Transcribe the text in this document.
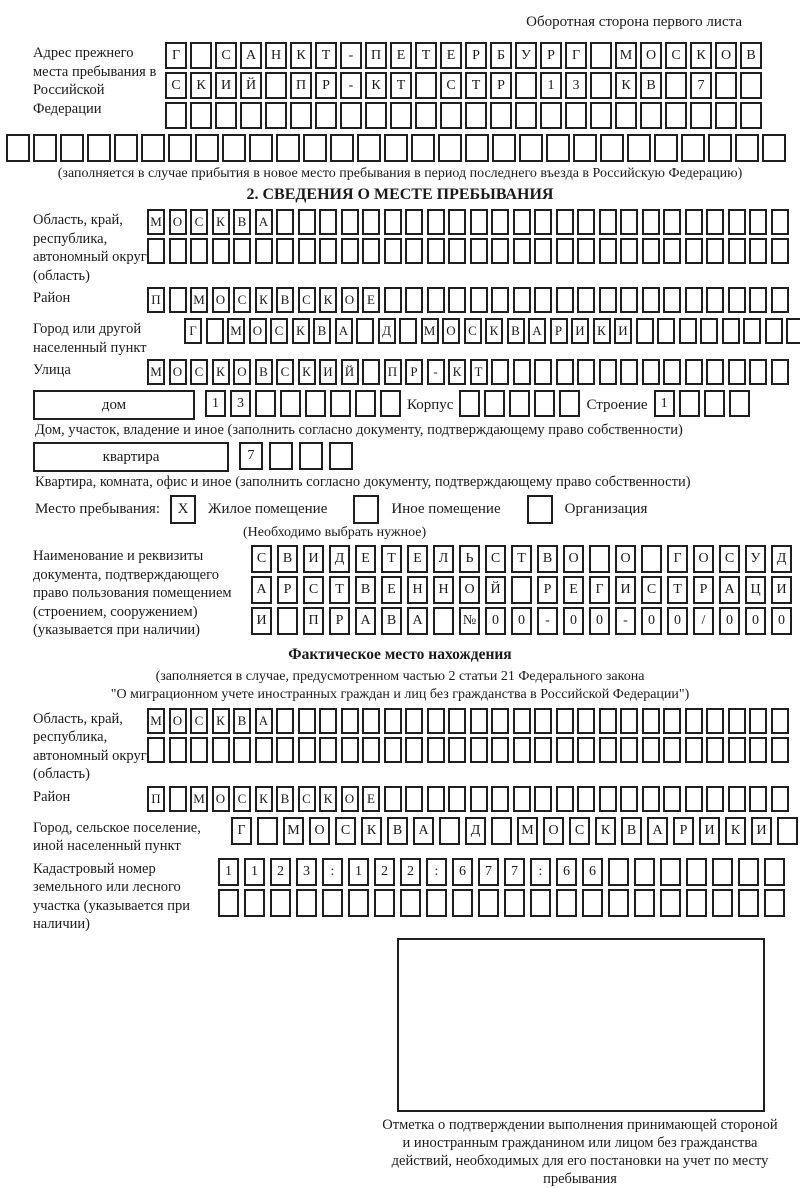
Оборотная сторона первого листа
Адрес прежнего места пребывания в Российской Федерации
Г	С	А	Н	К	Т	-	П	Е	Т	Е	Р	Б	У	Р	Г	М О	С	К	О	В
С	К	И	Й	П	Р	-	К	Т	С	Т	Р	1	3	К	В	7
(заполняется в случае прибытия в новое место пребывания в период последнего въезда в Российскую Федерацию)
2. СВЕДЕНИЯ О МЕСТЕ ПРЕБЫВАНИЯ
Область, край, республика, автономный округ (область)
М О С К В А
Район	П	М О С К В С К О Е
Город или другой населенный пункт
Г	М О С К В А	Д	М О С К В А	Р	И К И
Улица	М О С К О В С К И Й	П	Р	-	К	Т
дом	1	3	Корпус	Строение 1
Дом, участок, владение и иное (заполнить согласно документу, подтверждающему право собственности)
квартира	7
Квартира, комната, офис и иное (заполнить согласно документу, подтверждающему право собственности)
Место пребывания:	X	Жилое помещение	Иное помещение	Организация
(Необходимо выбрать нужное)
Наименование и реквизиты документа, подтверждающего право пользования помещением (строением, сооружением) (указывается при наличии)
С	В	И	Д	Е	Т	Е	Л	Ь	С	Т	В	О	О	Г	О	С	У	Д
А	Р	С	Т	В	Е	Н	Н	О	Й	Р	Е	Г	И	С	Т	Р	А	Ц	И
И	П	Р	А	В	А	№	0	0	-	0	0	-	0	0	/	0	0	0
Фактическое место нахождения
(заполняется в случае, предусмотренном частью 2 статьи 21 Федерального закона
"О миграционном учете иностранных граждан и лиц без гражданства в Российской Федерации")
Область, край, республика, автономный округ (область)
М О С К В А
Район	П	М О С К В С К О Е
Город, сельское поселение, иной населенный пункт
Г	М	О	С	К	В	А	Д	М	О	С	К	В	А	Р	И	К	И
Кадастровый номер земельного или лесного участка (указывается при наличии)
1	1	2	3	:	1	2	2	:	6	7	7	:	6	6
Отметка о подтверждении выполнения принимающей стороной и иностранным гражданином или лицом без гражданства действий, необходимых для его постановки на учет по месту пребывания
